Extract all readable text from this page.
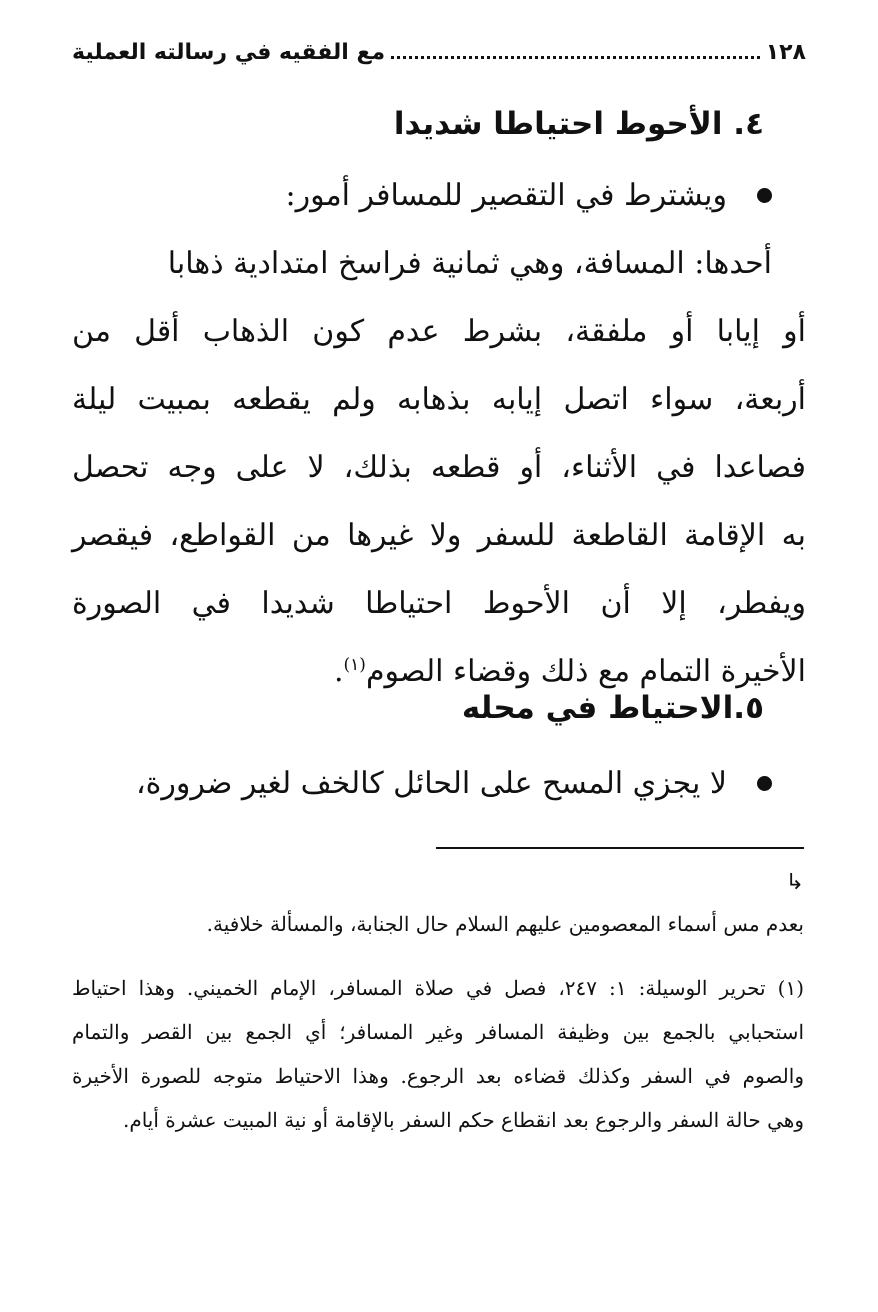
مع الفقيه في رسالته العملية	١٢٨
٤. الأحوط احتياطا شديدا
ويشترط في التقصير للمسافر أمور:
أحدها: المسافة، وهي ثمانية فراسخ امتدادية ذهابا
أو إيابا أو ملفقة، بشرط عدم كون الذهاب أقل من
أربعة، سواء اتصل إيابه بذهابه ولم يقطعه بمبيت ليلة
فصاعدا في الأثناء، أو قطعه بذلك، لا على وجه تحصل
به الإقامة القاطعة للسفر ولا غيرها من القواطع، فيقصر
ويفطر، إلا أن الأحوط احتياطا شديدا في الصورة
الأخيرة التمام مع ذلك وقضاء الصوم$^{(١)}$.
٥.الاحتياط في محله
لا يجزي المسح على الحائل كالخف لغير ضرورة،
↳
بعدم مس أسماء المعصومين عليهم السلام حال الجنابة، والمسألة خلافية.
(١) تحرير الوسيلة: ١: ٢٤٧، فصل في صلاة المسافر، الإمام الخميني. وهذا احتياط
استحبابي بالجمع بين وظيفة المسافر وغير المسافر؛ أي الجمع بين القصر والتمام
والصوم في السفر وكذلك قضاءه بعد الرجوع. وهذا الاحتياط متوجه للصورة الأخيرة
وهي حالة السفر والرجوع بعد انقطاع حكم السفر بالإقامة أو نية المبيت عشرة أيام.
